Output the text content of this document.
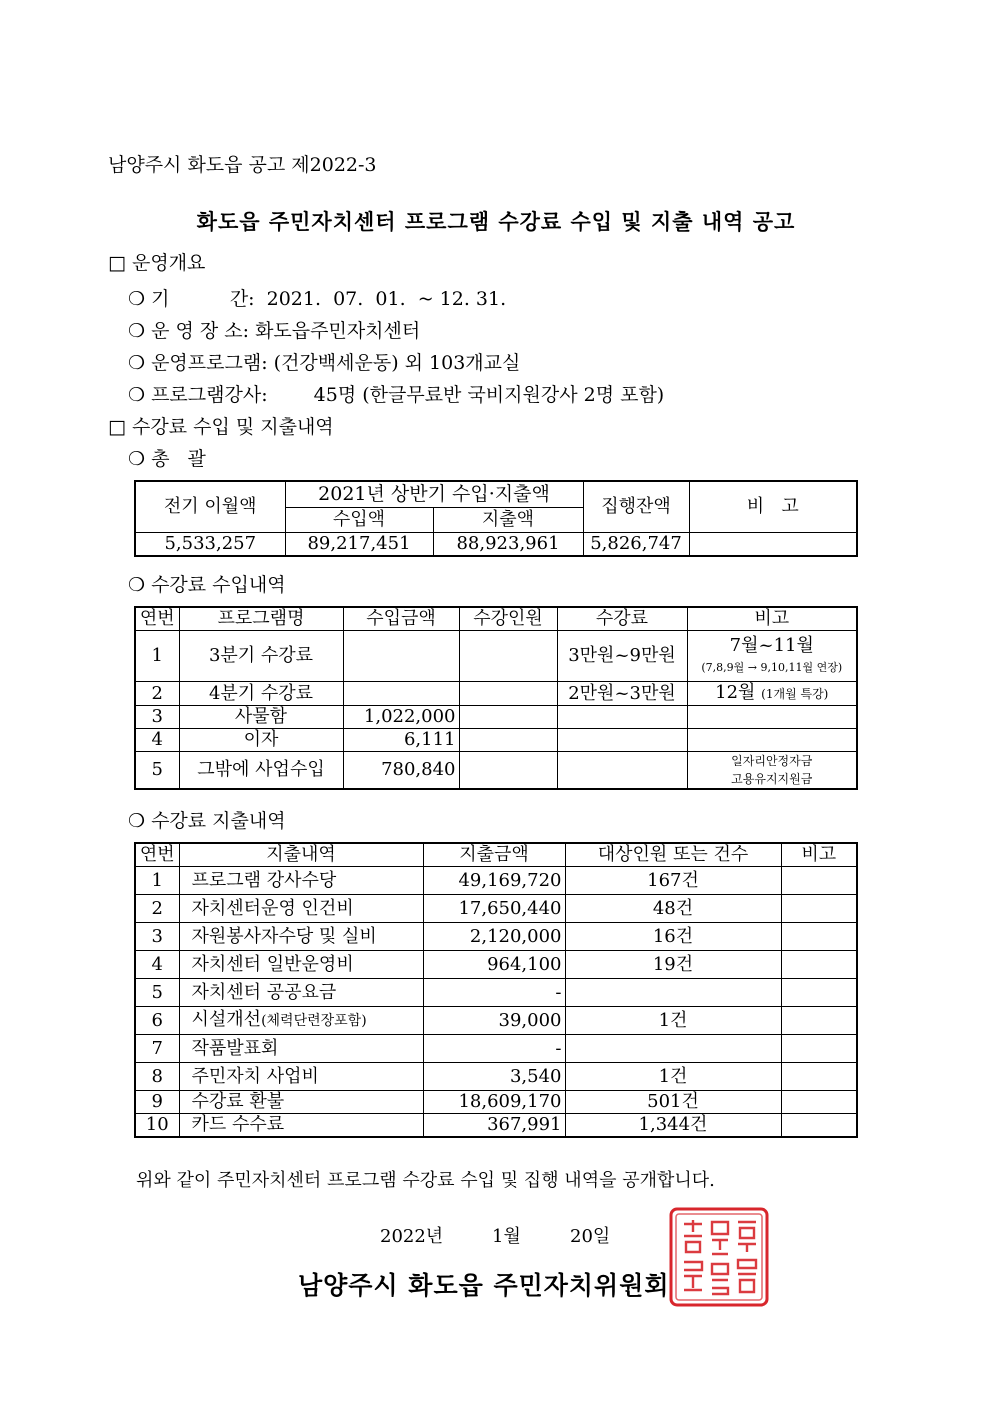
남양주시 화도읍 공고 제2022-3
화도읍 주민자치센터 프로그램 수강료 수입 및 지출 내역 공고
□ 운영개요
❍ 기          간: 2021.  07.  01.  ~ 12. 31.
❍ 운 영 장 소: 화도읍주민자치센터
❍ 운영프로그램: (건강백세운동) 외 103개교실
❍ 프로그램강사: 45명 (한글무료반 국비지원강사 2명 포함)
□ 수강료 수입 및 지출내역
❍ 총   괄
전기 이월액	2021년 상반기 수입·지출액		집행잔액	비   고
	수입액	지출액		
5,533,257	89,217,451	88,923,961	5,826,747	
❍ 수강료 수입내역
연번	프로그램명	수입금액	수강인원	수강료	비고
1	3분기 수강료			3만원~9만원	7월~11월
(7,8,9월 → 9,10,11월 연장)

2	4분기 수강료			2만원~3만원	12월 (1개월 특강)
3	사물함	1,022,000			
4	이자	6,111			
5	그밖에 사업수입	780,840			일자리안정자금
고용유지지원금
❍ 수강료 지출내역
연번	지출내역	지출금액	대상인원 또는 건수	비고
1	프로그램 강사수당	49,169,720	167건	
2	자치센터운영 인건비	17,650,440	48건	
3	자원봉사자수당 및 실비	2,120,000	16건	
4	자치센터 일반운영비	964,100	19건	
5	자치센터 공공요금	-		
6	시설개선(체력단련장포함)	39,000	1건	
7	작품발표회	-		
8	주민자치 사업비	3,540	1건	
9	수강료 환불	18,609,170	501건	
10	카드 수수료	367,991	1,344건	
위와 같이 주민자치센터 프로그램 수강료 수입 및 집행 내역을 공개합니다.
2022년	1월	20일
남양주시 화도읍 주민자치위원회
